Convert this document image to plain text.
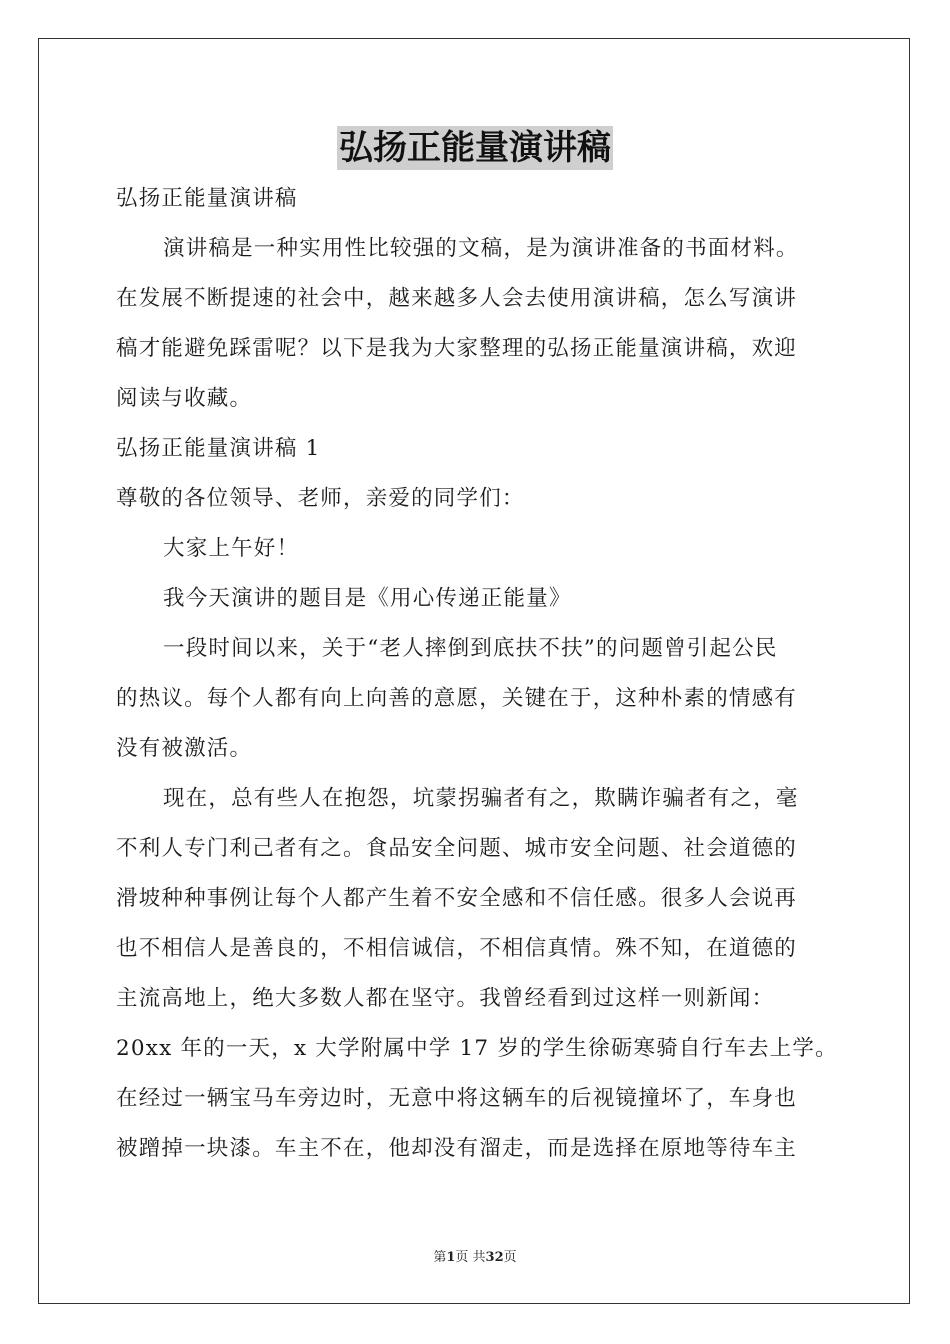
弘扬正能量演讲稿
弘扬正能量演讲稿
演讲稿是一种实用性比较强的文稿，是为演讲准备的书面材料。
在发展不断提速的社会中，越来越多人会去使用演讲稿，怎么写演讲
稿才能避免踩雷呢？以下是我为大家整理的弘扬正能量演讲稿，欢迎
阅读与收藏。
弘扬正能量演讲稿 1
尊敬的各位领导、老师，亲爱的同学们：
大家上午好！
我今天演讲的题目是《用心传递正能量》
一段时间以来，关于“老人摔倒到底扶不扶”的问题曾引起公民
的热议。每个人都有向上向善的意愿，关键在于，这种朴素的情感有
没有被激活。
现在，总有些人在抱怨，坑蒙拐骗者有之，欺瞒诈骗者有之，毫
不利人专门利己者有之。食品安全问题、城市安全问题、社会道德的
滑坡种种事例让每个人都产生着不安全感和不信任感。很多人会说再
也不相信人是善良的，不相信诚信，不相信真情。殊不知，在道德的
主流高地上，绝大多数人都在坚守。我曾经看到过这样一则新闻：
20xx 年的一天，x 大学附属中学 17 岁的学生徐砺寒骑自行车去上学。
在经过一辆宝马车旁边时，无意中将这辆车的后视镜撞坏了，车身也
被蹭掉一块漆。车主不在，他却没有溜走，而是选择在原地等待车主
第1页 共32页
